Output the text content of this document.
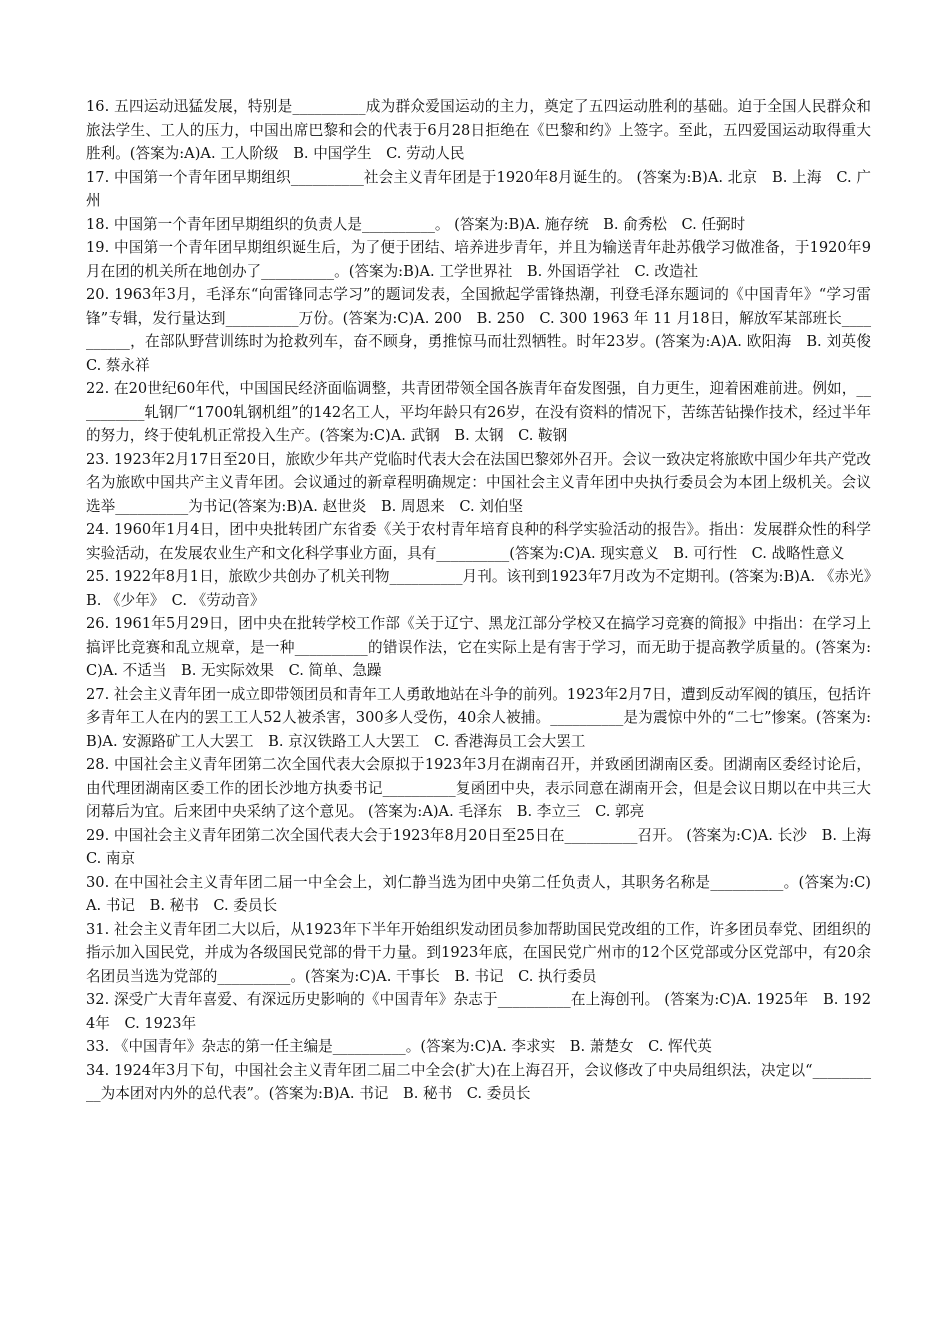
16. 五四运动迅猛发展，特别是__________成为群众爱国运动的主力，奠定了五四运动胜利的基础。迫于全国人民群众和旅法学生、工人的压力，中国出席巴黎和会的代表于6月28日拒绝在《巴黎和约》上签字。至此，五四爱国运动取得重大胜利。(答案为:A)A. 工人阶级　B. 中国学生　C. 劳动人民

17. 中国第一个青年团早期组织__________社会主义青年团是于1920年8月诞生的。 (答案为:B)A. 北京　B. 上海　C. 广州

18. 中国第一个青年团早期组织的负责人是__________。 (答案为:B)A. 施存统　B. 俞秀松　C. 任弼时

19. 中国第一个青年团早期组织诞生后，为了便于团结、培养进步青年，并且为输送青年赴苏俄学习做准备，于1920年9月在团的机关所在地创办了__________。(答案为:B)A. 工学世界社　B. 外国语学社　C. 改造社

20. 1963年3月，毛泽东“向雷锋同志学习”的题词发表，全国掀起学雷锋热潮，刊登毛泽东题词的《中国青年》“学习雷锋”专辑，发行量达到__________万份。(答案为:C)A. 200　B. 250　C. 300 1963 年 11 月18日，解放军某部班长__________，在部队野营训练时为抢救列车，奋不顾身，勇推惊马而壮烈牺牲。时年23岁。(答案为:A)A. 欧阳海　B. 刘英俊　C. 蔡永祥

22. 在20世纪60年代，中国国民经济面临调整，共青团带领全国各族青年奋发图强，自力更生，迎着困难前进。例如，__________轧钢厂“1700轧钢机组”的142名工人，平均年龄只有26岁，在没有资料的情况下，苦练苦钻操作技术，经过半年的努力，终于使轧机正常投入生产。(答案为:C)A. 武钢　B. 太钢　C. 鞍钢

23. 1923年2月17日至20日，旅欧少年共产党临时代表大会在法国巴黎郊外召开。会议一致决定将旅欧中国少年共产党改名为旅欧中国共产主义青年团。会议通过的新章程明确规定：中国社会主义青年团中央执行委员会为本团上级机关。会议选举__________为书记(答案为:B)A. 赵世炎　B. 周恩来　C. 刘伯坚

24. 1960年1月4日，团中央批转团广东省委《关于农村青年培育良种的科学实验活动的报告》。指出：发展群众性的科学实验活动，在发展农业生产和文化科学事业方面，具有__________(答案为:C)A. 现实意义　B. 可行性　C. 战略性意义

25. 1922年8月1日，旅欧少共创办了机关刊物__________月刊。该刊到1923年7月改为不定期刊。(答案为:B)A. 《赤光》　B. 《少年》　C. 《劳动音》

26. 1961年5月29日，团中央在批转学校工作部《关于辽宁、黑龙江部分学校又在搞学习竞赛的简报》中指出：在学习上搞评比竞赛和乱立规章，是一种__________的错误作法，它在实际上是有害于学习，而无助于提高教学质量的。(答案为:C)A. 不适当　B. 无实际效果　C. 简单、急躁

27. 社会主义青年团一成立即带领团员和青年工人勇敢地站在斗争的前列。1923年2月7日，遭到反动军阀的镇压，包括许多青年工人在内的罢工工人52人被杀害，300多人受伤，40余人被捕。__________是为震惊中外的“二七”惨案。(答案为:B)A. 安源路矿工人大罢工　B. 京汉铁路工人大罢工　C. 香港海员工会大罢工

28. 中国社会主义青年团第二次全国代表大会原拟于1923年3月在湖南召开，并致函团湖南区委。团湖南区委经讨论后，由代理团湖南区委工作的团长沙地方执委书记__________复函团中央，表示同意在湖南开会，但是会议日期以在中共三大闭幕后为宜。后来团中央采纳了这个意见。 (答案为:A)A. 毛泽东　B. 李立三　C. 郭亮

29. 中国社会主义青年团第二次全国代表大会于1923年8月20日至25日在__________召开。 (答案为:C)A. 长沙　B. 上海　C. 南京

30. 在中国社会主义青年团二届一中全会上，刘仁静当选为团中央第二任负责人，其职务名称是__________。(答案为:C)A. 书记　B. 秘书　C. 委员长

31. 社会主义青年团二大以后，从1923年下半年开始组织发动团员参加帮助国民党改组的工作，许多团员奉党、团组织的指示加入国民党，并成为各级国民党部的骨干力量。到1923年底，在国民党广州市的12个区党部或分区党部中，有20余名团员当选为党部的__________。(答案为:C)A. 干事长　B. 书记　C. 执行委员

32. 深受广大青年喜爱、有深远历史影响的《中国青年》杂志于__________在上海创刊。 (答案为:C)A. 1925年　B. 1924年　C. 1923年

33. 《中国青年》杂志的第一任主编是__________。(答案为:C)A. 李求实　B. 萧楚女　C. 恽代英

34. 1924年3月下旬，中国社会主义青年团二届二中全会(扩大)在上海召开，会议修改了中央局组织法，决定以“__________为本团对内外的总代表”。(答案为:B)A. 书记　B. 秘书　C. 委员长
